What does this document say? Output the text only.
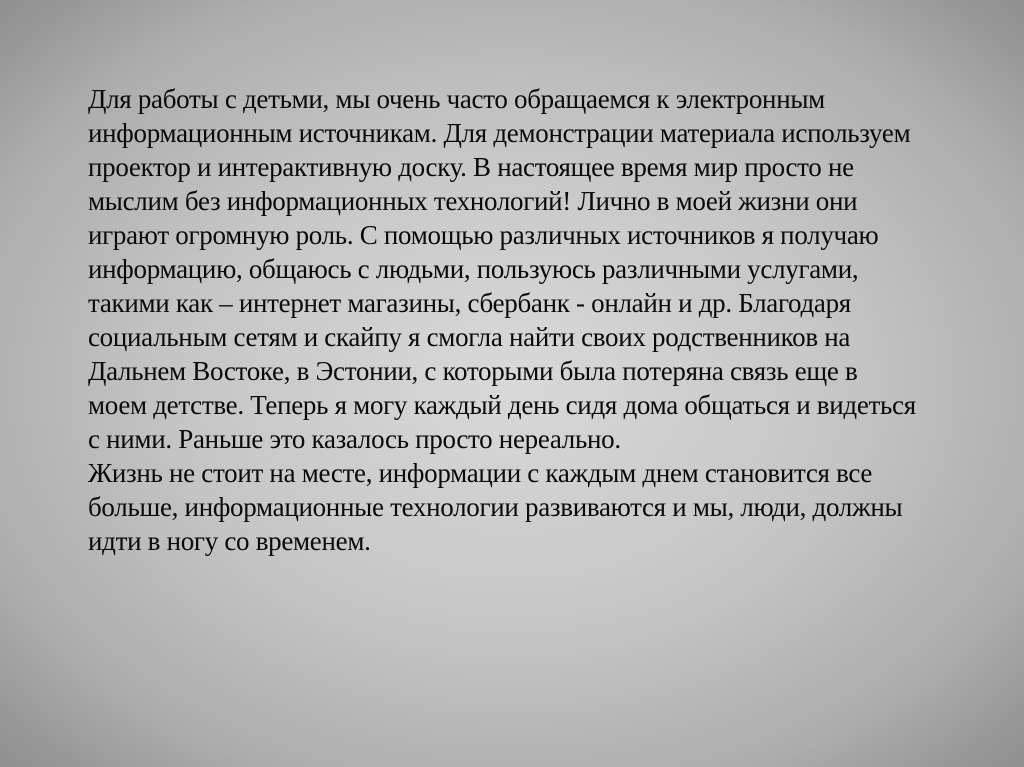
Для работы с детьми, мы очень часто обращаемся к электронным информационным источникам. Для демонстрации материала используем проектор и интерактивную доску. В настоящее время мир просто не мыслим без информационных технологий! Лично в моей жизни они играют огромную роль. С помощью различных источников я получаю информацию, общаюсь с людьми, пользуюсь различными услугами, такими как – интернет магазины, сбербанк - онлайн и др. Благодаря социальным сетям и скайпу я смогла найти своих родственников на Дальнем Востоке, в Эстонии, с которыми была потеряна связь еще в моем детстве. Теперь я могу каждый день сидя дома общаться и видеться с ними. Раньше это казалось просто нереально.

Жизнь не стоит на месте, информации с каждым днем становится все больше, информационные технологии развиваются и мы, люди, должны идти в ногу со временем.
